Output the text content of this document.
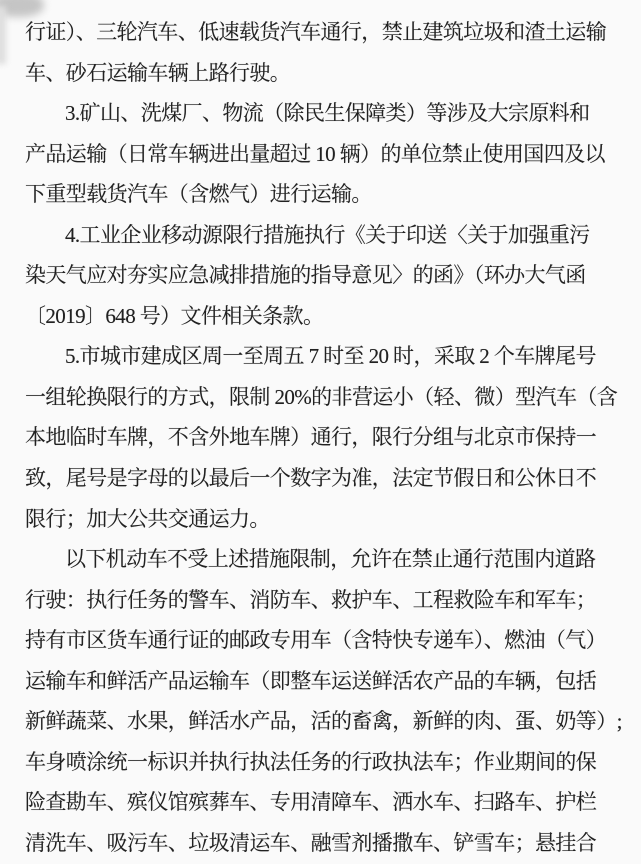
行证）、三轮汽车、低速载货汽车通行，禁止建筑垃圾和渣土运输
车、砂石运输车辆上路行驶。
3.矿山、洗煤厂、物流（除民生保障类）等涉及大宗原料和
产品运输（日常车辆进出量超过 10 辆）的单位禁止使用国四及以
下重型载货汽车（含燃气）进行运输。
4.工业企业移动源限行措施执行《关于印送〈关于加强重污
染天气应对夯实应急减排措施的指导意见〉的函》（环办大气函
〔2019〕648 号）文件相关条款。
5.市城市建成区周一至周五 7 时至 20 时，采取 2 个车牌尾号
一组轮换限行的方式，限制 20%的非营运小（轻、微）型汽车（含
本地临时车牌，不含外地车牌）通行，限行分组与北京市保持一
致，尾号是字母的以最后一个数字为准，法定节假日和公休日不
限行；加大公共交通运力。
以下机动车不受上述措施限制，允许在禁止通行范围内道路
行驶：执行任务的警车、消防车、救护车、工程救险车和军车；
持有市区货车通行证的邮政专用车（含特快专递车）、燃油（气）
运输车和鲜活产品运输车（即整车运送鲜活农产品的车辆，包括
新鲜蔬菜、水果，鲜活水产品，活的畜禽，新鲜的肉、蛋、奶等）;
车身喷涂统一标识并执行执法任务的行政执法车；作业期间的保
险查勘车、殡仪馆殡葬车、专用清障车、洒水车、扫路车、护栏
清洗车、吸污车、垃圾清运车、融雪剂播撒车、铲雪车；悬挂合
